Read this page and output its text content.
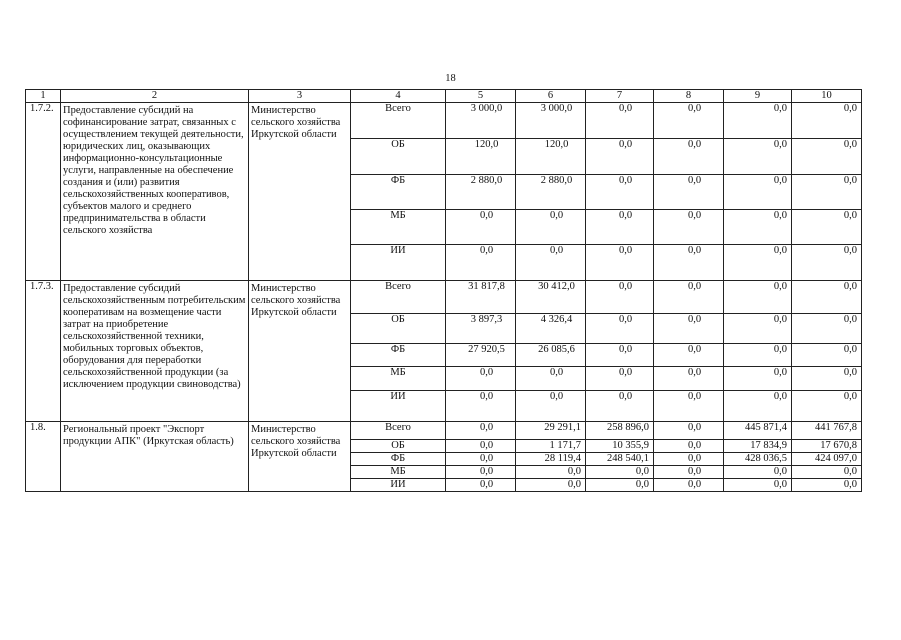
18
1	2	3	4	5	6	7	8	9	10
1.7.2.	Предоставление субсидий на софинансирование затрат, связанных с осуществлением текущей деятельности, юридических лиц, оказывающих информационно-консультационные услуги, направленные на обеспечение создания и (или) развития сельскохозяйственных кооперативов, субъектов малого и среднего предпринимательства в области сельского хозяйства	Министерство сельского хозяйства Иркутской области	Всего	3 000,0	3 000,0	0,0	0,0	0,0	0,0
			ОБ	120,0	120,0	0,0	0,0	0,0	0,0
			ФБ	2 880,0	2 880,0	0,0	0,0	0,0	0,0
			МБ	0,0	0,0	0,0	0,0	0,0	0,0
			ИИ	0,0	0,0	0,0	0,0	0,0	0,0
1.7.3.	Предоставление субсидий сельскохозяйственным потребительским кооперативам на возмещение части затрат на приобретение сельскохозяйственной техники, мобильных торговых объектов, оборудования для переработки сельскохозяйственной продукции (за исключением продукции свиноводства)	Министерство сельского хозяйства Иркутской области	Всего	31 817,8	30 412,0	0,0	0,0	0,0	0,0
			ОБ	3 897,3	4 326,4	0,0	0,0	0,0	0,0
			ФБ	27 920,5	26 085,6	0,0	0,0	0,0	0,0
			МБ	0,0	0,0	0,0	0,0	0,0	0,0
			ИИ	0,0	0,0	0,0	0,0	0,0	0,0
1.8.	Региональный проект "Экспорт продукции АПК" (Иркутская область)	Министерство сельского хозяйства Иркутской области	Всего	0,0	29 291,1	258 896,0	0,0	445 871,4	441 767,8
			ОБ	0,0	1 171,7	10 355,9	0,0	17 834,9	17 670,8
			ФБ	0,0	28 119,4	248 540,1	0,0	428 036,5	424 097,0
			МБ	0,0	0,0	0,0	0,0	0,0	0,0
			ИИ	0,0	0,0	0,0	0,0	0,0	0,0
